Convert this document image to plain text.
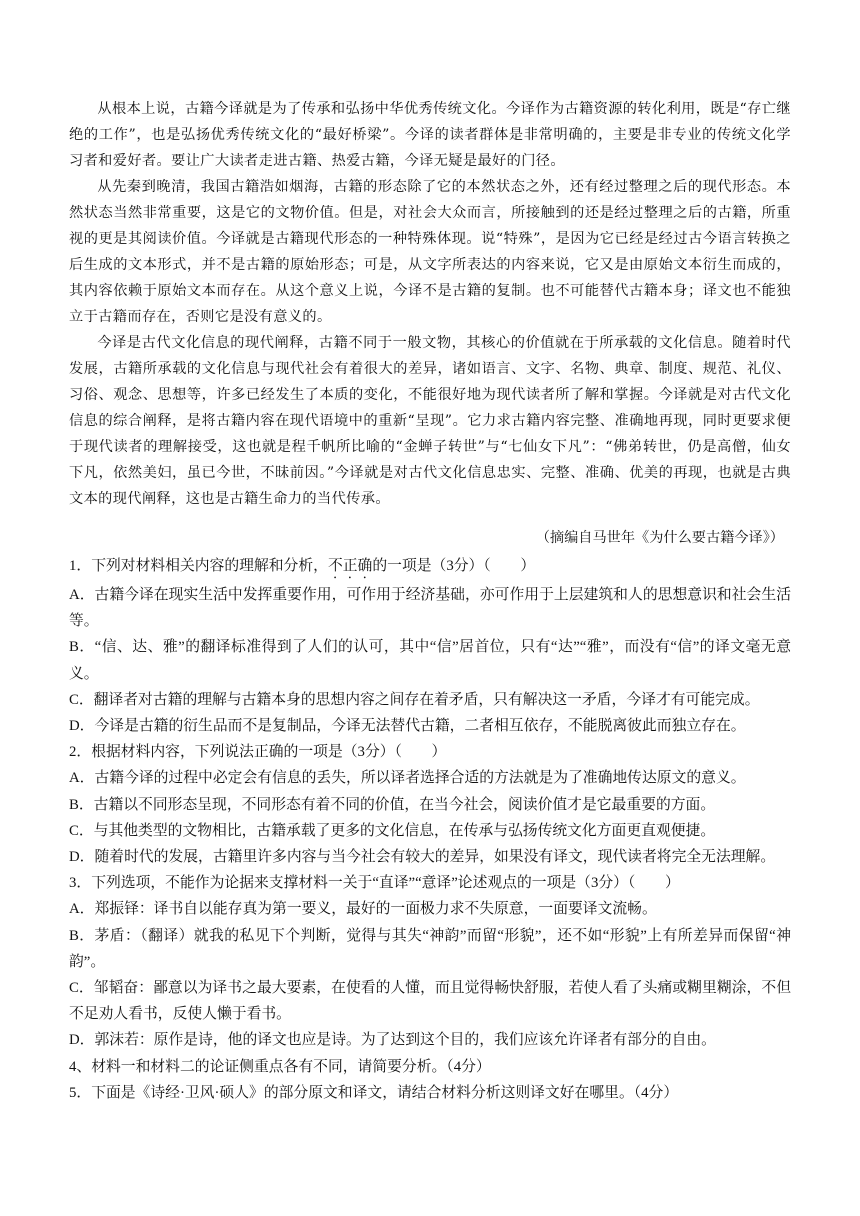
从根本上说，古籍今译就是为了传承和弘扬中华优秀传统文化。今译作为古籍资源的转化利用，既是“存亡继绝的工作”，也是弘扬优秀传统文化的“最好桥梁”。今译的读者群体是非常明确的，主要是非专业的传统文化学习者和爱好者。要让广大读者走进古籍、热爱古籍，今译无疑是最好的门径。

从先秦到晚清，我国古籍浩如烟海，古籍的形态除了它的本然状态之外，还有经过整理之后的现代形态。本然状态当然非常重要，这是它的文物价值。但是，对社会大众而言，所接触到的还是经过整理之后的古籍，所重视的更是其阅读价值。今译就是古籍现代形态的一种特殊体现。说“特殊”，是因为它已经是经过古今语言转换之后生成的文本形式，并不是古籍的原始形态；可是，从文字所表达的内容来说，它又是由原始文本衍生而成的，其内容依赖于原始文本而存在。从这个意义上说，今译不是古籍的复制。也不可能替代古籍本身；译文也不能独立于古籍而存在，否则它是没有意义的。

今译是古代文化信息的现代阐释，古籍不同于一般文物，其核心的价值就在于所承载的文化信息。随着时代发展，古籍所承载的文化信息与现代社会有着很大的差异，诸如语言、文字、名物、典章、制度、规范、礼仪、习俗、观念、思想等，许多已经发生了本质的变化，不能很好地为现代读者所了解和掌握。今译就是对古代文化信息的综合阐释，是将古籍内容在现代语境中的重新“呈现”。它力求古籍内容完整、准确地再现，同时更要求便于现代读者的理解接受，这也就是程千帆所比喻的“金蝉子转世”与“七仙女下凡”：“佛弟转世，仍是高僧，仙女下凡，依然美妇，虽已今世，不昧前因。”今译就是对古代文化信息忠实、完整、准确、优美的再现，也就是古典文本的现代阐释，这也是古籍生命力的当代传承。

（摘编自马世年《为什么要古籍今译》）

1．下列对材料相关内容的理解和分析，不正确的一项是（3分）（　　）

A．古籍今译在现实生活中发挥重要作用，可作用于经济基础，亦可作用于上层建筑和人的思想意识和社会生活等。

B．“信、达、雅”的翻译标准得到了人们的认可，其中“信”居首位，只有“达”“雅”，而没有“信”的译文毫无意义。

C．翻译者对古籍的理解与古籍本身的思想内容之间存在着矛盾，只有解决这一矛盾，今译才有可能完成。

D．今译是古籍的衍生品而不是复制品，今译无法替代古籍，二者相互依存，不能脱离彼此而独立存在。

2．根据材料内容，下列说法正确的一项是（3分）（　　）

A．古籍今译的过程中必定会有信息的丢失，所以译者选择合适的方法就是为了准确地传达原文的意义。

B．古籍以不同形态呈现，不同形态有着不同的价值，在当今社会，阅读价值才是它最重要的方面。

C．与其他类型的文物相比，古籍承载了更多的文化信息，在传承与弘扬传统文化方面更直观便捷。

D．随着时代的发展，古籍里许多内容与当今社会有较大的差异，如果没有译文，现代读者将完全无法理解。

3．下列选项，不能作为论据来支撑材料一关于“直译”“意译”论述观点的一项是（3分）（　　）

A．郑振铎：译书自以能存真为第一要义，最好的一面极力求不失原意，一面要译文流畅。

B．茅盾：（翻译）就我的私见下个判断，觉得与其失“神韵”而留“形貌”，还不如“形貌”上有所差异而保留“神韵”。

C．邹韬奋：鄙意以为译书之最大要素，在使看的人懂，而且觉得畅快舒服，若使人看了头痛或糊里糊涂，不但不足劝人看书，反使人懒于看书。

D．郭沫若：原作是诗，他的译文也应是诗。为了达到这个目的，我们应该允许译者有部分的自由。

4、材料一和材料二的论证侧重点各有不同，请简要分析。（4分）

5．下面是《诗经·卫风·硕人》的部分原文和译文，请结合材料分析这则译文好在哪里。（4分）
